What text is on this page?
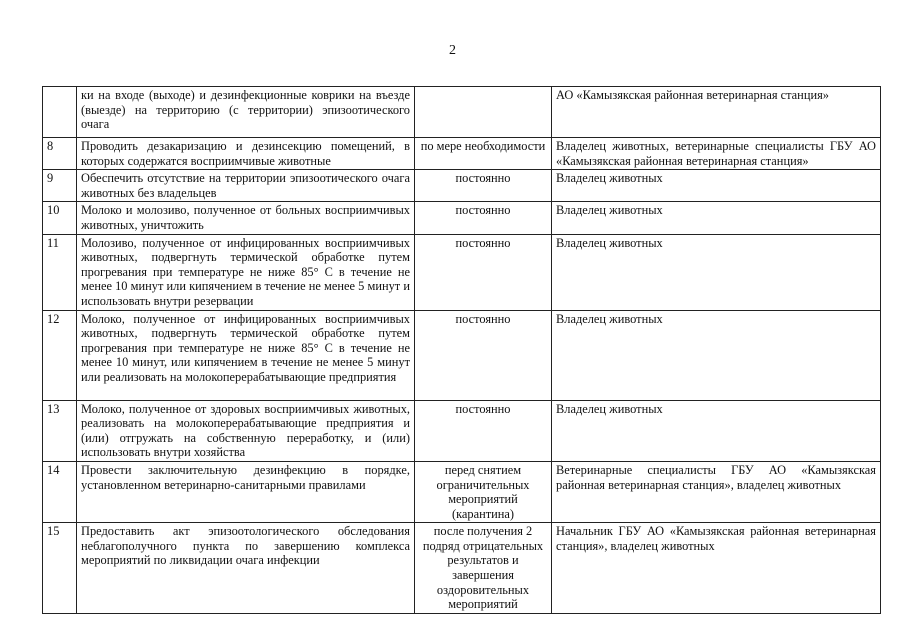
2
	ки на входе (выходе) и дезинфекционные коврики на въезде (выезде) на территорию (с территории) эпизоотического очага		АО «Камызякская районная ветеринарная станция»
8	Проводить дезакаризацию и дезинсекцию помещений, в которых содержатся восприимчивые животные	по мере необходимости	Владелец животных, ветеринарные специалисты ГБУ АО «Камызякская районная ветеринарная станция»
9	Обеспечить отсутствие на территории эпизоотического очага животных без владельцев	постоянно	Владелец животных
10	Молоко и молозиво, полученное от больных восприимчивых животных, уничтожить	постоянно	Владелец животных
11	Молозиво, полученное от инфицированных восприимчивых животных, подвергнуть термической обработке путем прогревания при температуре не ниже 85° С в течение не менее 10 минут или кипячением в течение не менее 5 минут и использовать внутри резервации	постоянно	Владелец животных
12	Молоко, полученное от инфицированных восприимчивых животных, подвергнуть термической обработке путем прогревания при температуре не ниже 85° С в течение не менее 10 минут, или кипячением в течение не менее 5 минут или реализовать на молокоперерабатывающие предприятия	постоянно	Владелец животных
13	Молоко, полученное от здоровых восприимчивых животных, реализовать на молокоперерабатывающие предприятия и (или) отгружать на собственную переработку, и (или) использовать внутри хозяйства	постоянно	Владелец животных
14	Провести заключительную дезинфекцию в порядке, установленном ветеринарно-санитарными правилами	перед снятием ограничительных мероприятий (карантина)	Ветеринарные специалисты ГБУ АО «Камызякская районная ветеринарная станция», владелец животных
15	Предоставить акт эпизоотологического обследования неблагополучного пункта по завершению комплекса мероприятий по ликвидации очага инфекции	после получения 2 подряд отрицательных результатов и завершения оздоровительных мероприятий	Начальник ГБУ АО «Камызякская районная ветеринарная станция», владелец животных
